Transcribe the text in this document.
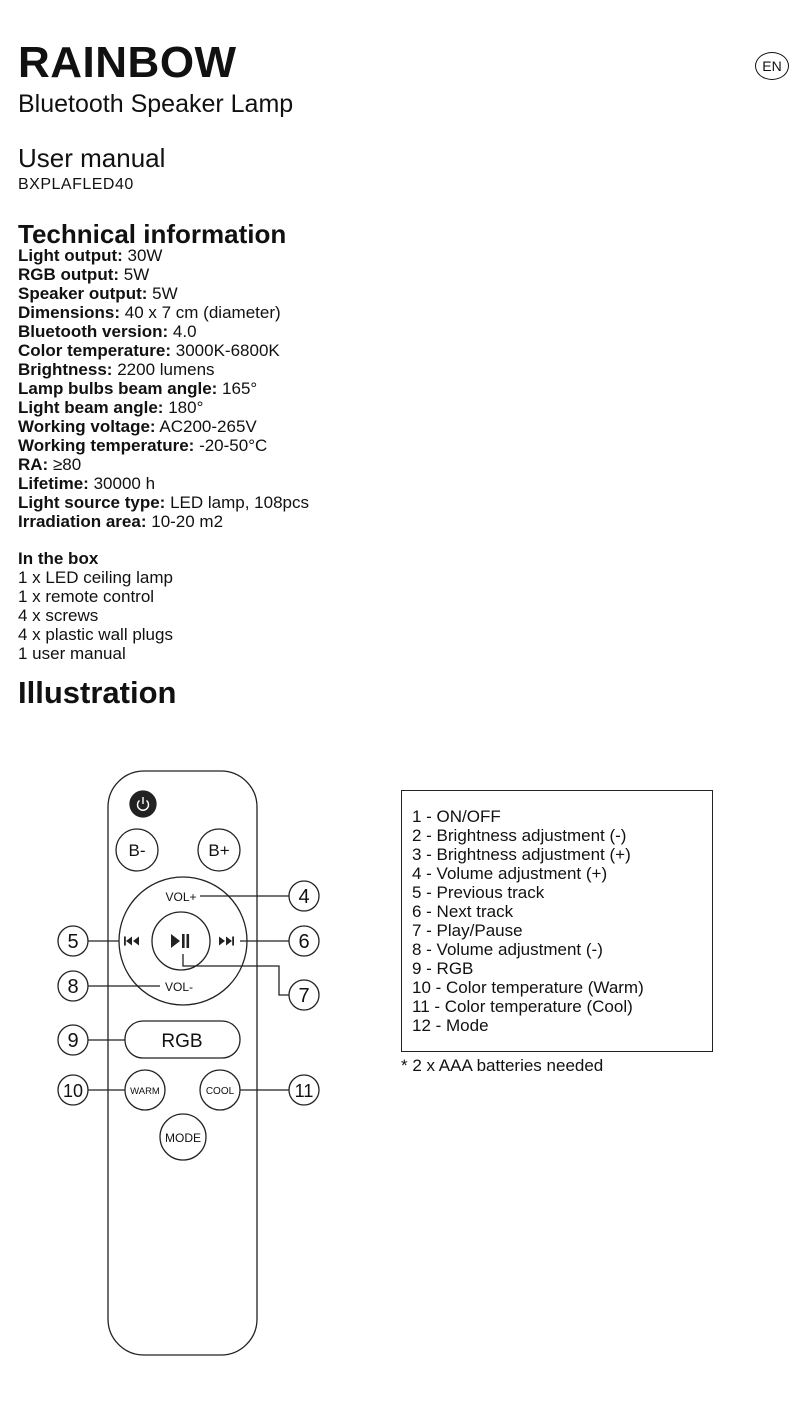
RAINBOW
Bluetooth Speaker Lamp
EN
User manual
BXPLAFLED40
Technical information
Light output: 30W
RGB output: 5W
Speaker output: 5W
Dimensions: 40 x 7 cm (diameter)
Bluetooth version: 4.0
Color temperature: 3000K-6800K
Brightness: 2200 lumens
Lamp bulbs beam angle: 165°
Light beam angle: 180°
Working voltage: AC200-265V
Working temperature: -20-50°C
RA: ≥80
Lifetime: 30000 h
Light source type: LED lamp, 108pcs
Irradiation area: 10-20 m2
In the box
1 x LED ceiling lamp
1 x remote control
4 x screws
4 x plastic wall plugs
1 user manual
Illustration
B-	B+
VOL+
VOL-
RGB
WARM	COOL
MODE
4
5	6
7
8
9
10	11
1 - ON/OFF
2 - Brightness adjustment (-)
3 - Brightness adjustment (+)
4 - Volume adjustment (+)
5 - Previous track
6 - Next track
7 - Play/Pause
8 - Volume adjustment (-)
9 - RGB
10 - Color temperature (Warm)
11 - Color temperature (Cool)
12 - Mode
* 2 x AAA batteries needed
